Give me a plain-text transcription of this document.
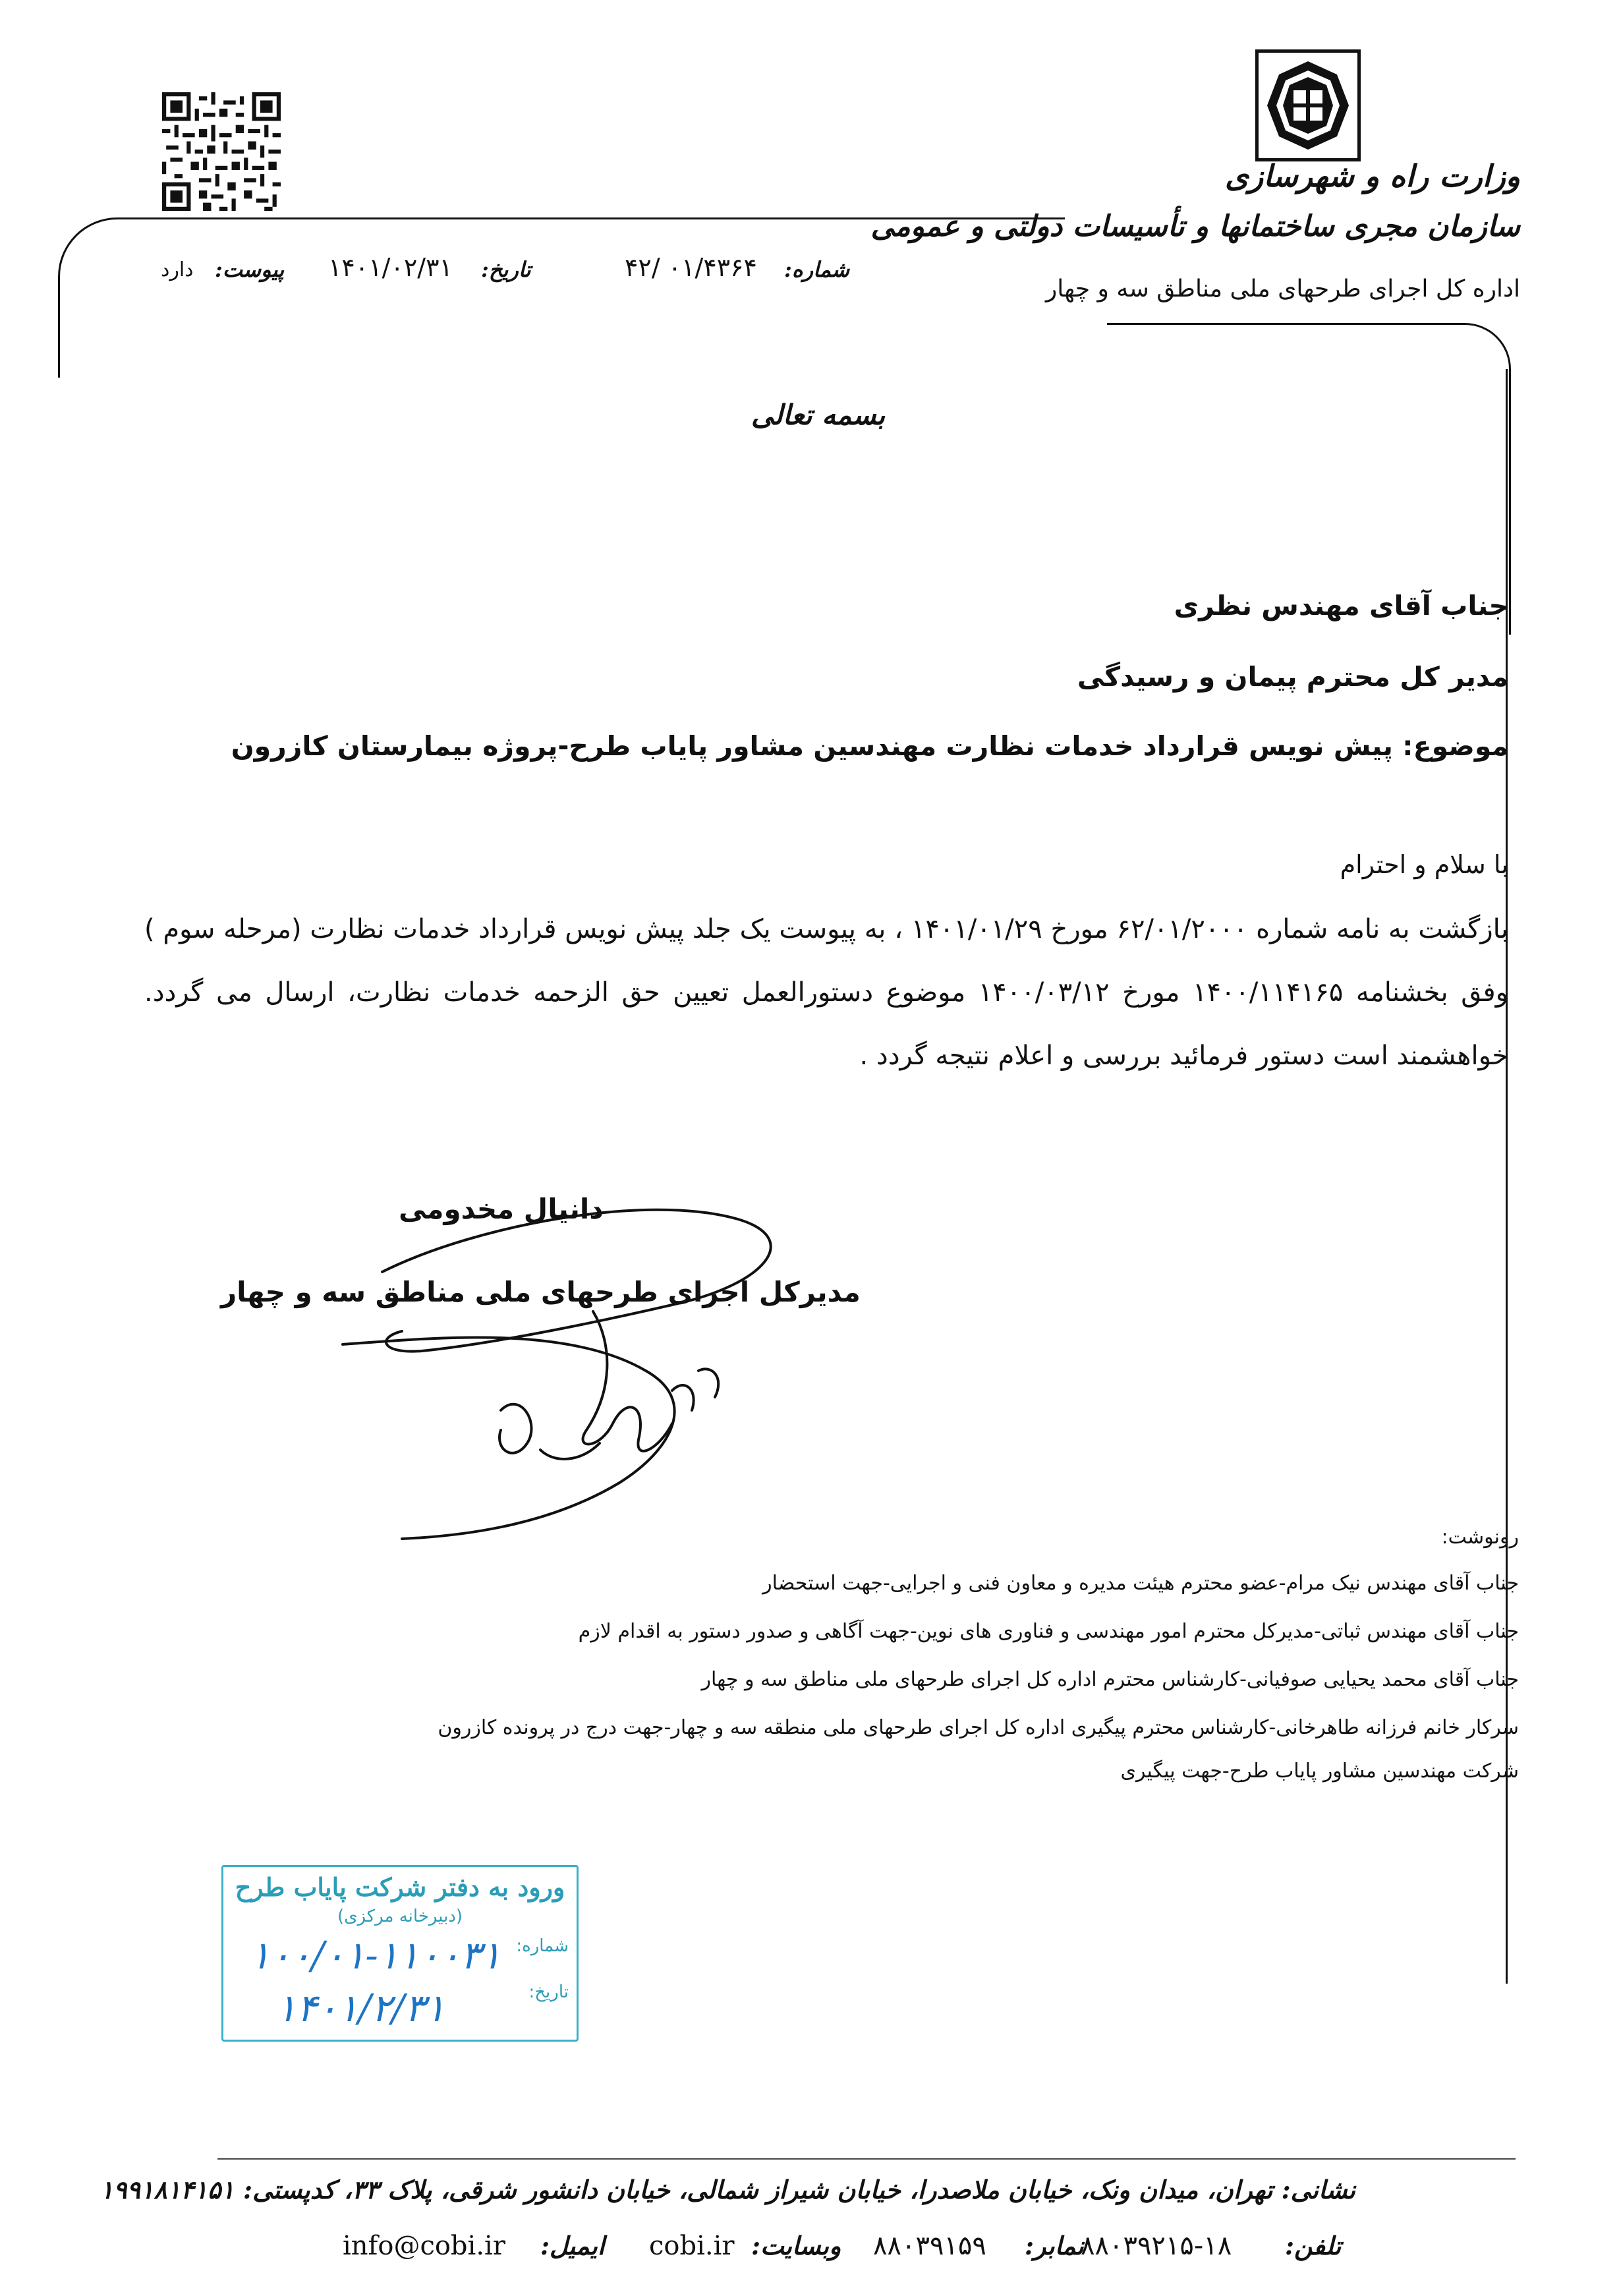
وزارت راه و شهرسازی
سازمان مجری ساختمانها و تأسیسات دولتی و عمومی
اداره کل اجرای طرحهای ملی مناطق سه و چهار
شماره:
۴۲/ ۰۱/۴۳۶۴
تاریخ:
۱۴۰۱/۰۲/۳۱
پیوست:
دارد
بسمه تعالی
جناب آقای مهندس نظری
مدیر کل محترم پیمان و رسیدگی
موضوع: پیش نویس قرارداد خدمات نظارت مهندسین مشاور پایاب طرح-پروژه بیمارستان کازرون
با سلام و احترام
بازگشت به نامه شماره ۶۲/۰۱/۲۰۰۰ مورخ ۱۴۰۱/۰۱/۲۹ ، به پیوست یک جلد پیش نویس قرارداد خدمات نظارت (مرحله سوم ) وفق بخشنامه ۱۴۰۰/۱۱۴۱۶۵ مورخ ۱۴۰۰/۰۳/۱۲ موضوع دستورالعمل تعیین حق الزحمه خدمات نظارت، ارسال می گردد. خواهشمند است دستور فرمائید بررسی و اعلام نتیجه گردد .
دانیال مخدومی
مدیرکل اجرای طرحهای ملی مناطق سه و چهار
رونوشت:
جناب آقای مهندس نیک مرام-عضو محترم هیئت مدیره و معاون فنی و اجرایی-جهت استحضار
جناب آقای مهندس ثباتی-مدیرکل محترم امور مهندسی و فناوری های نوین-جهت آگاهی و صدور دستور به اقدام لازم
جناب آقای محمد یحیایی صوفیانی-کارشناس محترم اداره کل اجرای طرحهای ملی مناطق سه و چهار
سرکار خانم فرزانه طاهرخانی-کارشناس محترم پیگیری اداره کل اجرای طرحهای ملی منطقه سه و چهار-جهت درج در پرونده کازرون
شرکت مهندسین مشاور پایاب طرح-جهت پیگیری
ورود به دفتر شرکت پایاب طرح
(دبیرخانه مرکزی)
شماره:
۱۰۰/۰۱-۱۱۰۰۳۱
تاریخ:
۱۴۰۱/۲/۳۱
نشانی: تهران، میدان ونک، خیابان ملاصدرا، خیابان شیراز شمالی، خیابان دانشور شرقی، پلاک ۳۳، کدپستی: ۱۹۹۱۸۱۴۱۵۱
تلفن:
۸۸۰۳۹۲۱۵-۱۸
نمابر:
۸۸۰۳۹۱۵۹
وبسایت:
cobi.ir
ایمیل:
info@cobi.ir
